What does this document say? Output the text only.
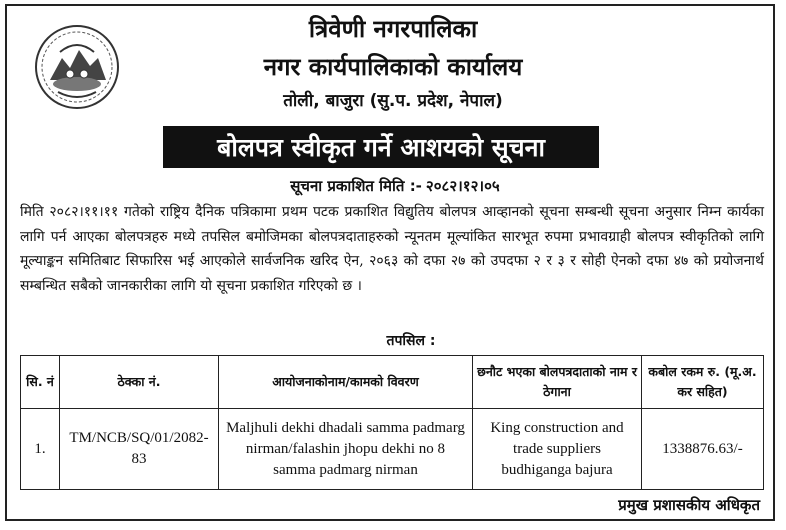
त्रिवेणी नगरपालिका
नगर कार्यपालिकाको कार्यालय
तोली, बाजुरा (सु.प. प्रदेश, नेपाल)
बोलपत्र स्वीकृत गर्ने आशयको सूचना
सूचना प्रकाशित मिति :- २०८२।१२।०५
मिति २०८२।११।११ गतेको राष्ट्रिय दैनिक पत्रिकामा प्रथम पटक प्रकाशित विद्युतिय बोलपत्र आव्हानको सूचना सम्बन्धी सूचना अनुसार निम्न कार्यका लागि पर्न आएका बोलपत्रहरु मध्ये तपसिल बमोजिमका बोलपत्रदाताहरुको न्यूनतम मूल्यांकित सारभूत रुपमा प्रभावग्राही बोलपत्र स्वीकृतिको लागि मूल्याङ्कन समितिबाट सिफारिस भई आएकोले सार्वजनिक खरिद ऐन, २०६३ को दफा २७ को उपदफा २ र ३ र सोही ऐनको दफा ४७ को प्रयोजनार्थ सम्बन्धित सबैको जानकारीका लागि यो सूचना प्रकाशित गरिएको छ ।
तपसिल :
सि. नं	ठेक्का नं.	आयोजनाकोनाम/कामको विवरण	छनौट भएका बोलपत्रदाताको नाम र ठेगाना	कबोल रकम रु. (मू.अ. कर सहित)
1.	TM/NCB/SQ/01/2082-83	Maljhuli dekhi dhadali samma padmarg nirman/falashin jhopu dekhi no 8 samma padmarg nirman	King construction and trade suppliers budhiganga bajura	1338876.63/-
प्रमुख प्रशासकीय अधिकृत
